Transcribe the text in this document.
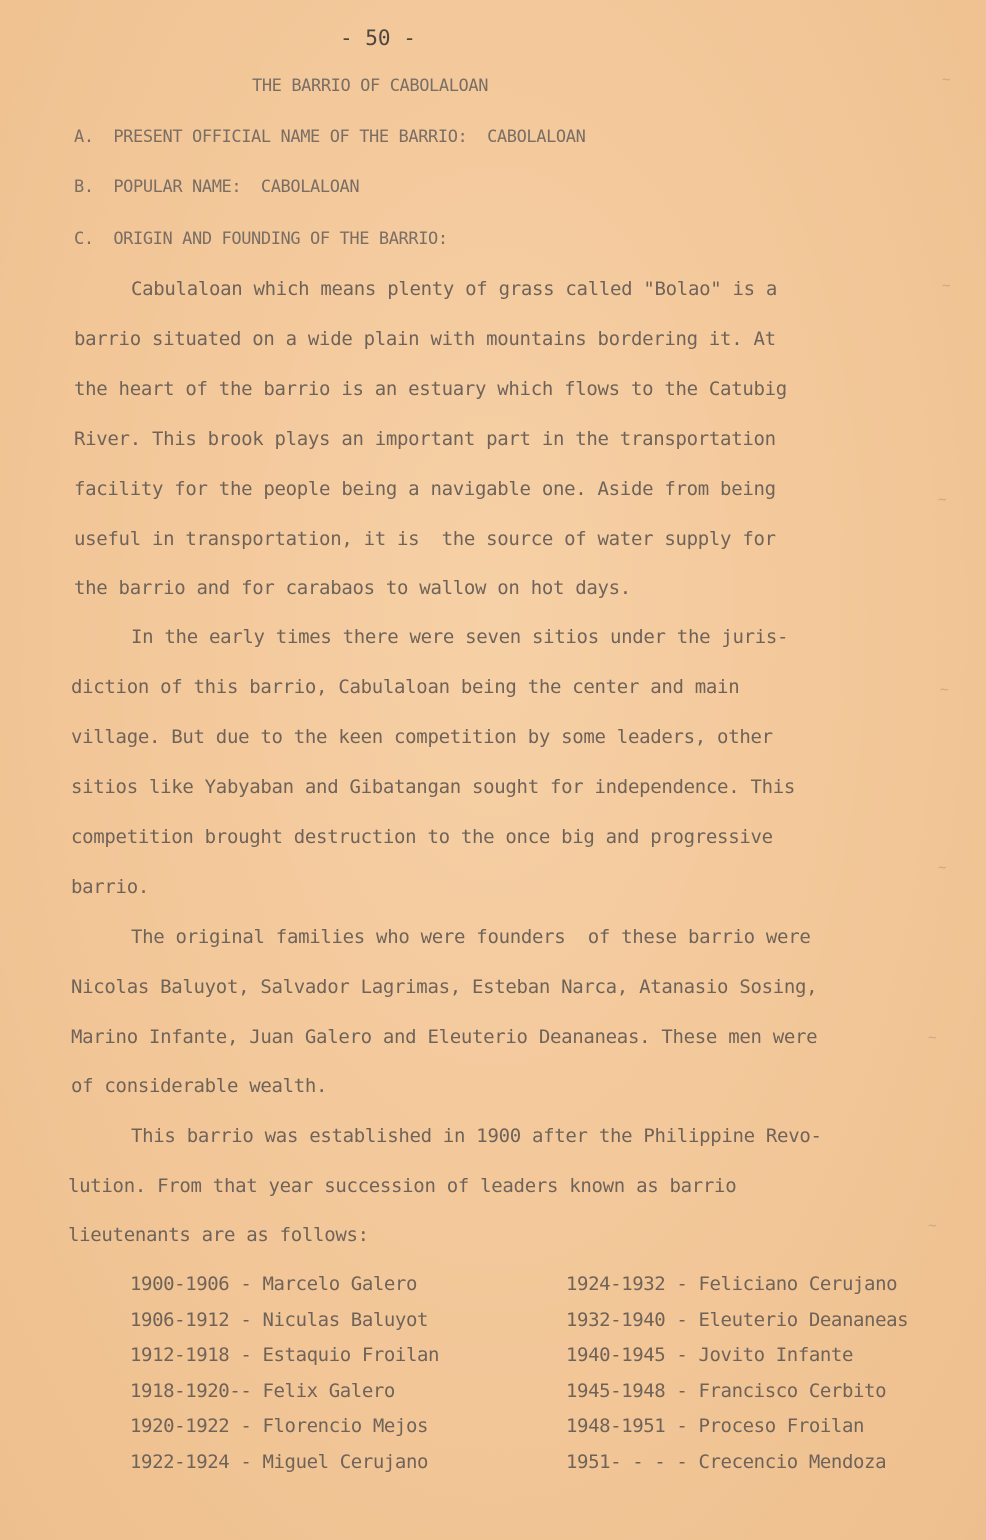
- 50 -
THE BARRIO OF CABOLALOAN
A.  PRESENT OFFICIAL NAME OF THE BARRIO:  CABOLALOAN
B.  POPULAR NAME:  CABOLALOAN
C.  ORIGIN AND FOUNDING OF THE BARRIO:
Cabulaloan which means plenty of grass called "Bolao" is a
barrio situated on a wide plain with mountains bordering it. At
the heart of the barrio is an estuary which flows to the Catubig
River. This brook plays an important part in the transportation
facility for the people being a navigable one. Aside from being
useful in transportation, it is  the source of water supply for
the barrio and for carabaos to wallow on hot days.
In the early times there were seven sitios under the juris-
diction of this barrio, Cabulaloan being the center and main
village. But due to the keen competition by some leaders, other
sitios like Yabyaban and Gibatangan sought for independence. This
competition brought destruction to the once big and progressive
barrio.
The original families who were founders  of these barrio were
Nicolas Baluyot, Salvador Lagrimas, Esteban Narca, Atanasio Sosing,
Marino Infante, Juan Galero and Eleuterio Deananeas. These men were
of considerable wealth.
This barrio was established in 1900 after the Philippine Revo-
lution. From that year succession of leaders known as barrio
lieutenants are as follows:
1900-1906 - Marcelo Galero
1906-1912 - Niculas Baluyot
1912-1918 - Estaquio Froilan
1918-1920-- Felix Galero
1920-1922 - Florencio Mejos
1922-1924 - Miguel Cerujano
1924-1932 - Feliciano Cerujano
1932-1940 - Eleuterio Deananeas
1940-1945 - Jovito Infante
1945-1948 - Francisco Cerbito
1948-1951 - Proceso Froilan
1951- - - - Crecencio Mendoza
~
~
~
~
~
~
~
